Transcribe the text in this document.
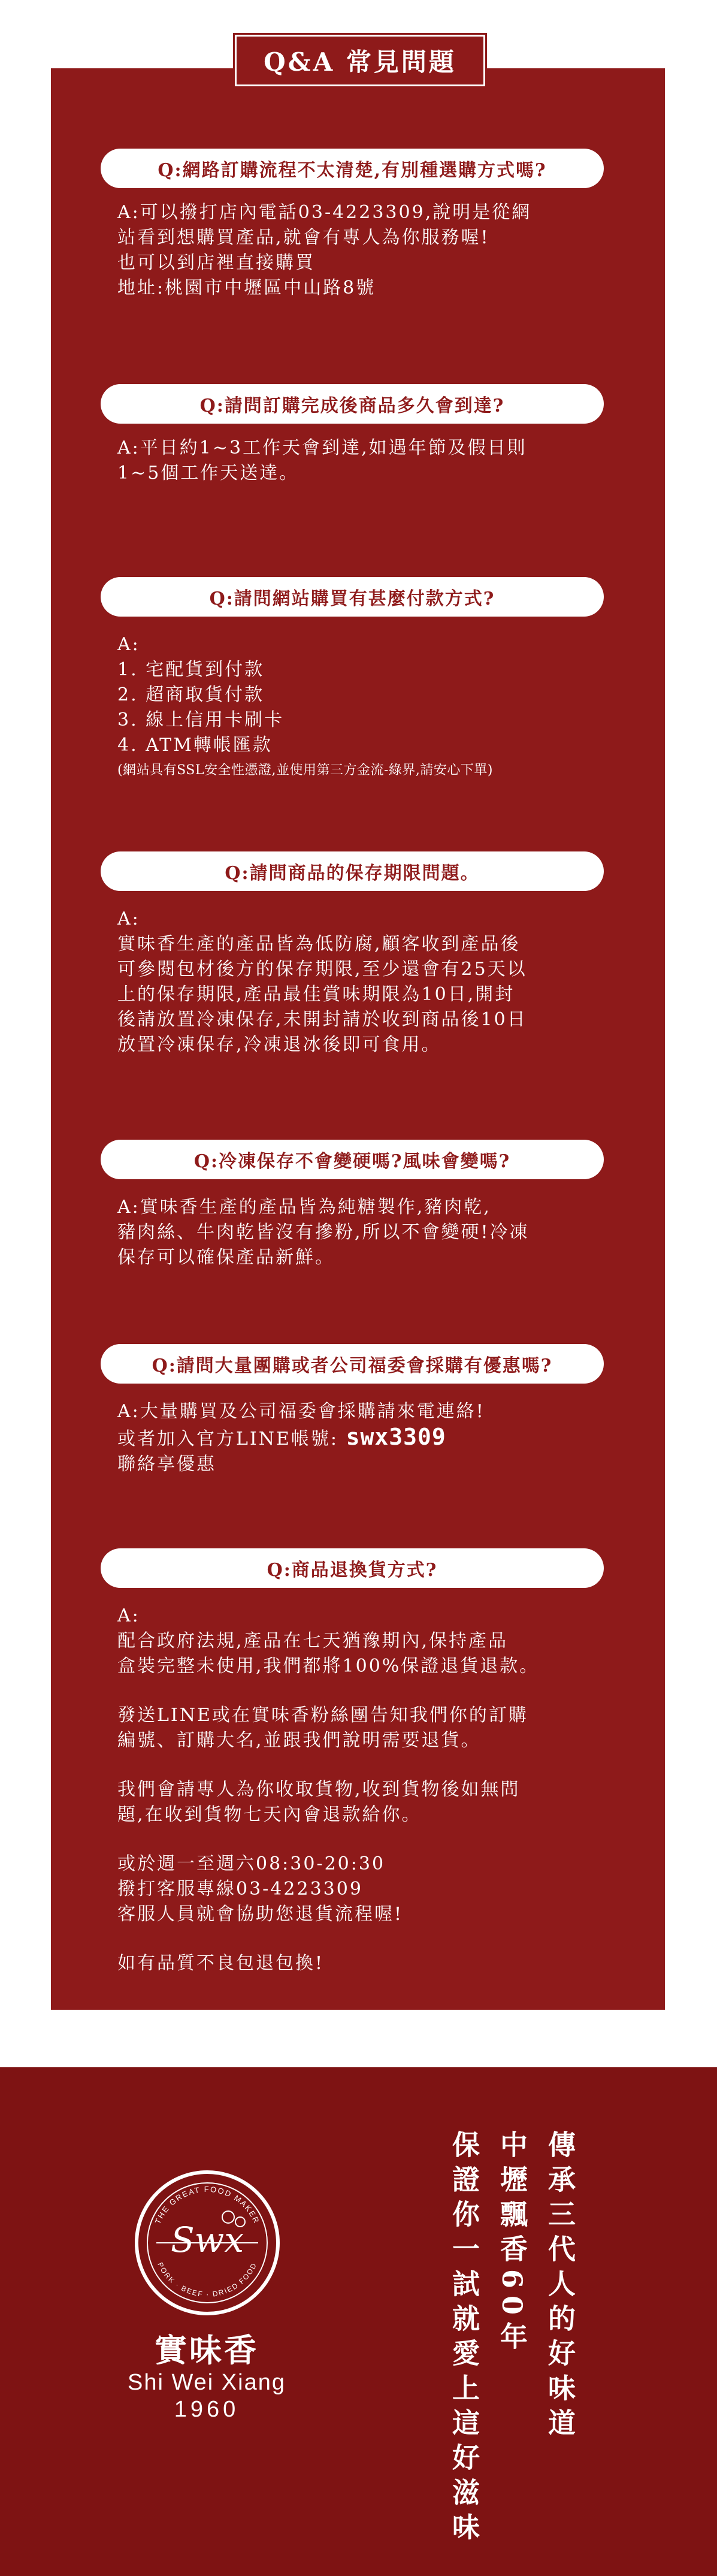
Q&A 常見問題
Q:網路訂購流程不太清楚,有別種選購方式嗎?
A:可以撥打店內電話03-4223309,說明是從網
站看到想購買產品,就會有專人為你服務喔!
也可以到店裡直接購買
地址:桃園市中壢區中山路8號
Q:請問訂購完成後商品多久會到達?
A:平日約1~3工作天會到達,如遇年節及假日則
1~5個工作天送達。
Q:請問網站購買有甚麼付款方式?
A:
1. 宅配貨到付款
2. 超商取貨付款
3. 線上信用卡刷卡
4. ATM轉帳匯款
(網站具有SSL安全性憑證,並使用第三方金流-綠界,請安心下單)
Q:請問商品的保存期限問題。
A:
實味香生產的產品皆為低防腐,顧客收到產品後
可參閱包材後方的保存期限,至少還會有25天以
上的保存期限,產品最佳賞味期限為10日,開封
後請放置冷凍保存,未開封請於收到商品後10日
放置冷凍保存,冷凍退冰後即可食用。
Q:冷凍保存不會變硬嗎?風味會變嗎?
A:實味香生產的產品皆為純糖製作,豬肉乾,
豬肉絲、牛肉乾皆沒有摻粉,所以不會變硬!冷凍
保存可以確保產品新鮮。
Q:請問大量團購或者公司福委會採購有優惠嗎?
A:大量購買及公司福委會採購請來電連絡!
或者加入官方LINE帳號: swx3309
聯絡享優惠
Q:商品退換貨方式?
A:
配合政府法規,產品在七天猶豫期內,保持產品
盒裝完整未使用,我們都將100%保證退貨退款。
發送LINE或在實味香粉絲團告知我們你的訂購
編號、訂購大名,並跟我們說明需要退貨。
我們會請專人為你收取貨物,收到貨物後如無問
題,在收到貨物七天內會退款給你。
或於週一至週六08:30-20:30
撥打客服專線03-4223309
客服人員就會協助您退貨流程喔!
如有品質不良包退包換!
THE GREAT FOOD MAKER
PORK · BEEF · DRIED FOOD
Swx
實味香
Shi Wei Xiang
1960	傳承三代人的好味道
中壢飄香60年
保證你一試就愛上這好滋味
